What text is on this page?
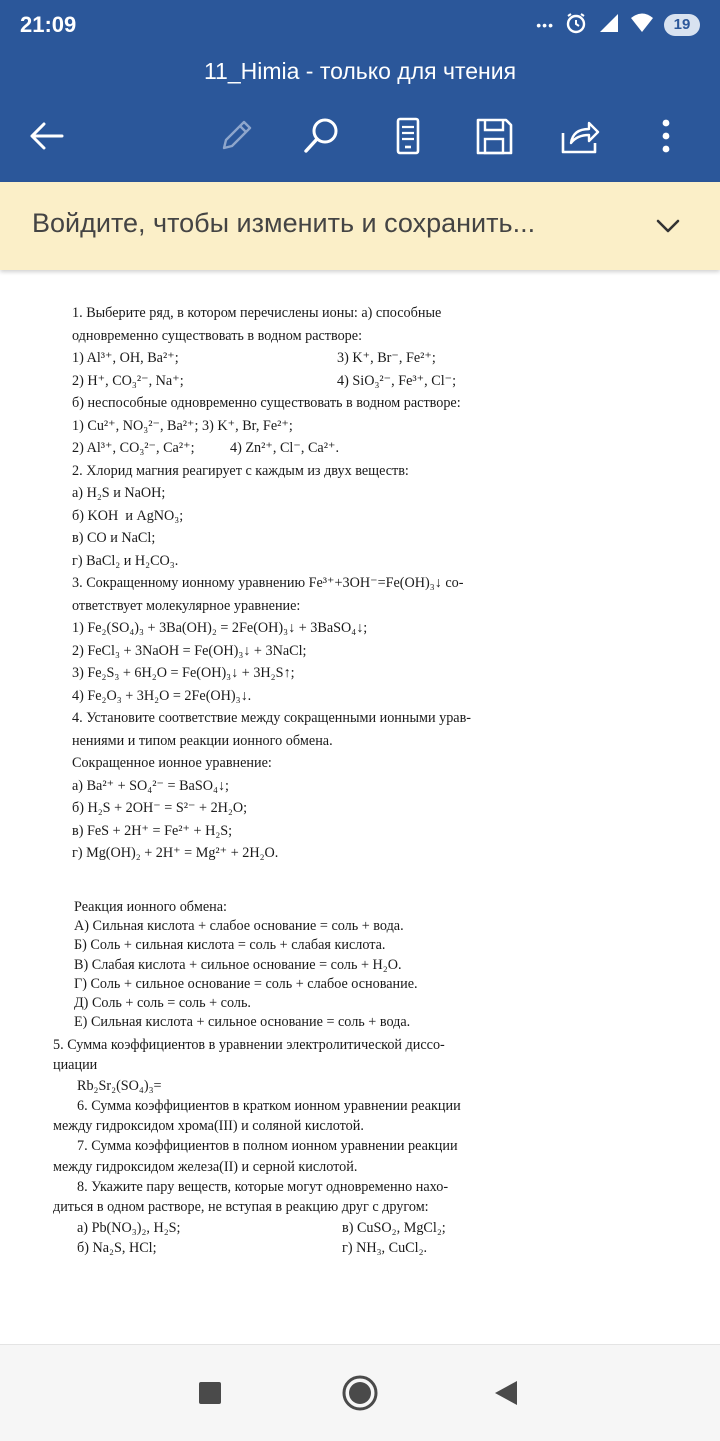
21:09	•••	19
11_Himia - только для чтения
Войдите, чтобы изменить и сохранить...
1. Выберите ряд, в котором перечислены ионы: а) способные
одновременно существовать в водном растворе:
1) Al³⁺, OH, Ba²⁺;	3) K⁺, Br⁻, Fe²⁺;
2) H⁺, CO₃²⁻, Na⁺;	4) SiO₃²⁻, Fe³⁺, Cl⁻;
б) неспособные одновременно существовать в водном растворе:
1) Cu²⁺, NO₃²⁻, Ba²⁺; 3) K⁺, Br, Fe²⁺;
2) Al³⁺, CO₃²⁻, Ca²⁺;          4) Zn²⁺, Cl⁻, Ca²⁺.
2. Хлорид магния реагирует с каждым из двух веществ:
а) H₂S и NaOH;
б) KOH  и AgNO₃;
в) CO и NaCl;
г) BaCl₂ и H₂CO₃.
3. Сокращенному ионному уравнению Fe³⁺+3OH⁻=Fe(OH)₃↓ со-
ответствует молекулярное уравнение:
1) Fe₂(SO₄)₃ + 3Ba(OH)₂ = 2Fe(OH)₃↓ + 3BaSO₄↓;
2) FeCl₃ + 3NaOH = Fe(OH)₃↓ + 3NaCl;
3) Fe₂S₃ + 6H₂O = Fe(OH)₃↓ + 3H₂S↑;
4) Fe₂O₃ + 3H₂O = 2Fe(OH)₃↓.
4. Установите соответствие между сокращенными ионными урав-
нениями и типом реакции ионного обмена.
Сокращенное ионное уравнение:
а) Ba²⁺ + SO₄²⁻ = BaSO₄↓;
б) H₂S + 2OH⁻ = S²⁻ + 2H₂O;
в) FeS + 2H⁺ = Fe²⁺ + H₂S;
г) Mg(OH)₂ + 2H⁺ = Mg²⁺ + 2H₂O.
Реакция ионного обмена:
А) Сильная кислота + слабое основание = соль + вода.
Б) Соль + сильная кислота = соль + слабая кислота.
В) Слабая кислота + сильное основание = соль + H₂O.
Г) Соль + сильное основание = соль + слабое основание.
Д) Соль + соль = соль + соль.
Е) Сильная кислота + сильное основание = соль + вода.
5. Сумма коэффициентов в уравнении электролитической диссо-
циации
Rb₂Sr₂(SO₄)₃=
6. Сумма коэффициентов в кратком ионном уравнении реакции
между гидроксидом хрома(III) и соляной кислотой.
7. Сумма коэффициентов в полном ионном уравнении реакции
между гидроксидом железа(II) и серной кислотой.
8. Укажите пару веществ, которые могут одновременно нахо-
диться в одном растворе, не вступая в реакцию друг с другом:
а) Pb(NO₃)₂, H₂S;	в) CuSO₂, MgCl₂;
б) Na₂S, HCl;	г) NH₃, CuCl₂.
